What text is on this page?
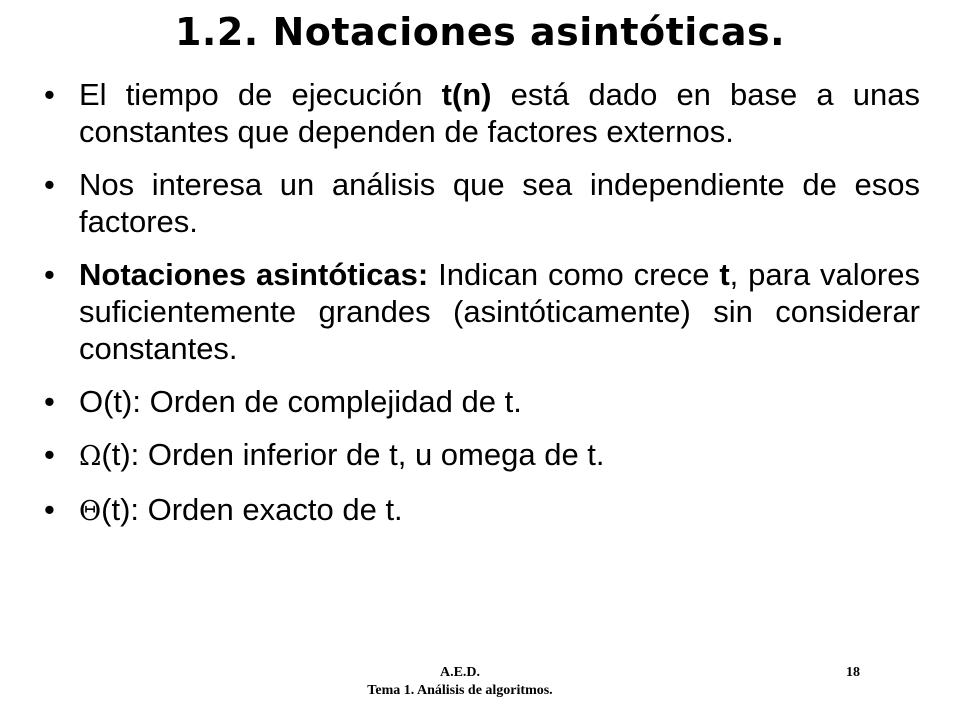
1.2. Notaciones asintóticas.
• El tiempo de ejecución t(n) está dado en base a unas constantes que dependen de factores externos.
• Nos interesa un análisis que sea independiente de esos factores.
• Notaciones asintóticas: Indican como crece t, para valores suficientemente grandes (asintóticamente) sin considerar constantes.
• O(t): Orden de complejidad de t.
• Ω(t): Orden inferior de t, u omega de t.
• Θ(t): Orden exacto de t.
A.E.D.
Tema 1. Análisis de algoritmos.
18
